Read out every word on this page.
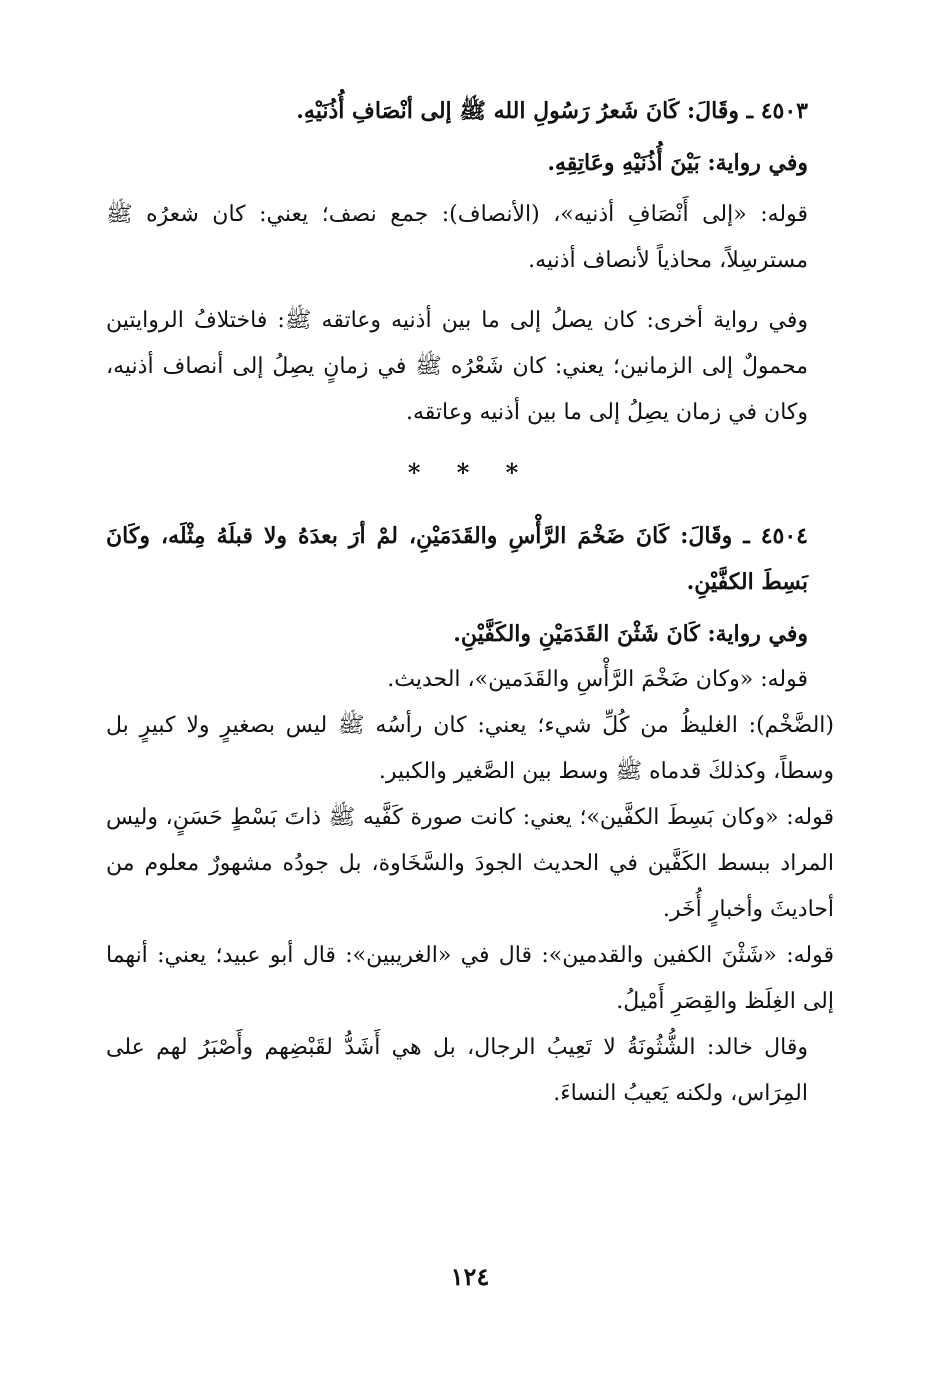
٤٥٠٣ ـ وقَالَ: كَانَ شَعرُ رَسُولِ الله ﷺ إلى أنْصَافِ أُذُنَيْهِ.

وفي رواية: بَيْنَ أُذُنَيْهِ وعَاتِقِهِ.

قوله: «إلى أَنْصَافِ أذنيه»، (الأنصاف): جمع نصف؛ يعني: كان شعرُه ﷺ مسترسِلاً، محاذياً لأنصاف أذنيه.

وفي رواية أخرى: كان يصلُ إلى ما بين أذنيه وعاتقه ﷺ: فاختلافُ الروايتين محمولٌ إلى الزمانين؛ يعني: كان شَعْرُه ﷺ في زمانٍ يصِلُ إلى أنصاف أذنيه، وكان في زمان يصِلُ إلى ما بين أذنيه وعاتقه.

* * *

٤٥٠٤ ـ وقَالَ: كَانَ ضَخْمَ الرَّأْسِ والقَدَمَيْنِ، لمْ أرَ بعدَهُ ولا قبلَهُ مِثْلَه، وكَانَ بَسِطَ الكفَّيْنِ.

وفي رواية: كَانَ شَثْنَ القَدَمَيْنِ والكَفَّيْنِ.

قوله: «وكان ضَخْمَ الرَّأْسِ والقَدَمين»، الحديث.

(الضَّخْم): الغليظُ من كُلِّ شيء؛ يعني: كان رأسُه ﷺ ليس بصغيرٍ ولا كبيرٍ بل وسطاً، وكذلكَ قدماه ﷺ وسط بين الصَّغير والكبير.

قوله: «وكان بَسِطَ الكفَّين»؛ يعني: كانت صورة كَفَّيه ﷺ ذاتَ بَسْطٍ حَسَنٍ، وليس المراد ببسط الكَفَّين في الحديث الجودَ والسَّخَاوة، بل جودُه مشهورٌ معلوم من أحاديثَ وأخبارٍ أُخَر.

قوله: «شَثْنَ الكفين والقدمين»: قال في «الغريبين»: قال أبو عبيد؛ يعني: أنهما إلى الغِلَظ والقِصَرِ أَمْيلُ.

وقال خالد: الشُّثُونَةُ لا تَعِيبُ الرجال، بل هي أَشَدُّ لقَبْضِهم وأَصْبَرُ لهم على المِرَاس، ولكنه يَعيبُ النساءَ.

١٢٤
